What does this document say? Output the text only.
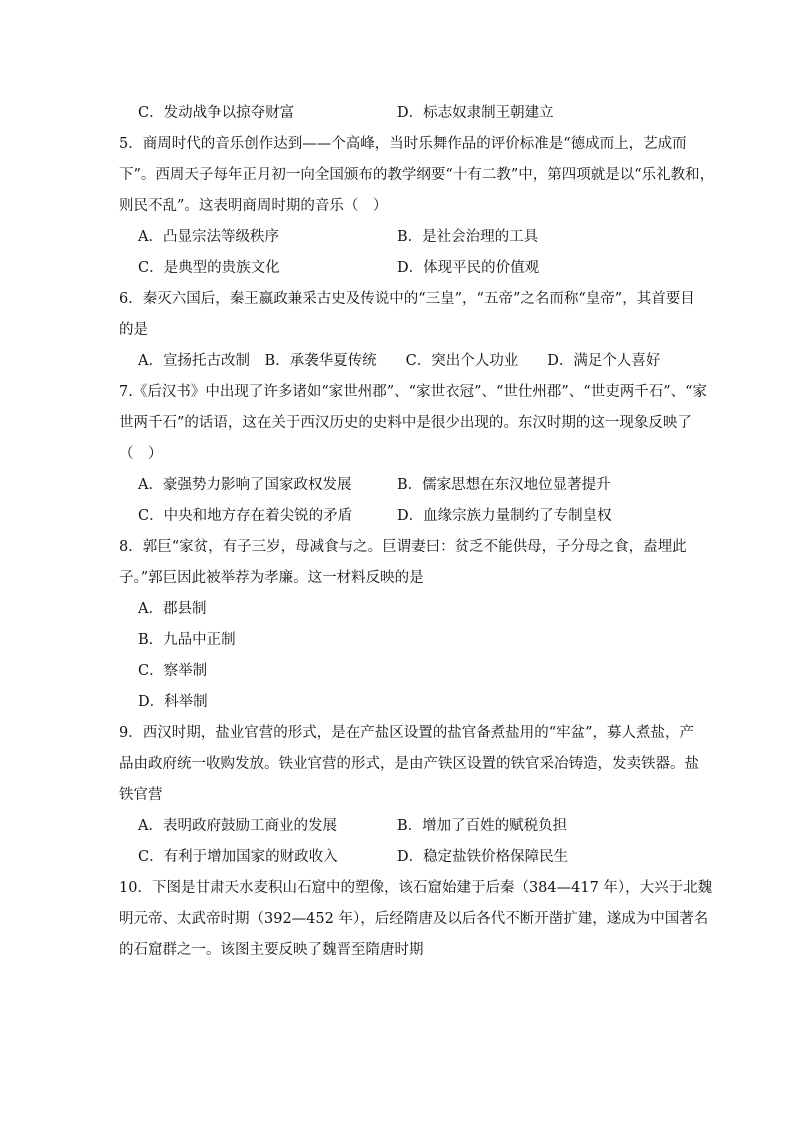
C．发动战争以掠夺财富	D．标志奴隶制王朝建立
5．商周时代的音乐创作达到——个高峰，当时乐舞作品的评价标准是“德成而上，艺成而
下”。西周天子每年正月初一向全国颁布的教学纲要“十有二教”中，第四项就是以“乐礼教和，
则民不乱”。这表明商周时期的音乐（　）
A．凸显宗法等级秩序	B．是社会治理的工具
C．是典型的贵族文化	D．体现平民的价值观
6．秦灭六国后，秦王嬴政兼采古史及传说中的“三皇”，“五帝”之名而称“皇帝”，其首要目
的是
A．宣扬托古改制　B．承袭华夏传统　　C．突出个人功业　　D．满足个人喜好
7.《后汉书》中出现了许多诸如“家世州郡”、“家世衣冠”、“世仕州郡”、“世吏两千石”、“家
世两千石”的话语，这在关于西汉历史的史料中是很少出现的。东汉时期的这一现象反映了
（　）
A．豪强势力影响了国家政权发展	B．儒家思想在东汉地位显著提升
C．中央和地方存在着尖锐的矛盾	D．血缘宗族力量制约了专制皇权
8．郭巨“家贫，有子三岁，母减食与之。巨谓妻曰：贫乏不能供母，子分母之食，盍埋此
子。”郭巨因此被举荐为孝廉。这一材料反映的是
A．郡县制
B．九品中正制
C．察举制
D．科举制
9．西汉时期，盐业官营的形式，是在产盐区设置的盐官备煮盐用的“牢盆”，募人煮盐，产
品由政府统一收购发放。铁业官营的形式，是由产铁区设置的铁官采冶铸造，发卖铁器。盐
铁官营
A．表明政府鼓励工商业的发展	B．增加了百姓的赋税负担
C．有利于增加国家的财政收入	D．稳定盐铁价格保障民生
10．下图是甘肃天水麦积山石窟中的塑像，该石窟始建于后秦（384—417 年），大兴于北魏
明元帝、太武帝时期（392—452 年），后经隋唐及以后各代不断开凿扩建，遂成为中国著名
的石窟群之一。该图主要反映了魏晋至隋唐时期
